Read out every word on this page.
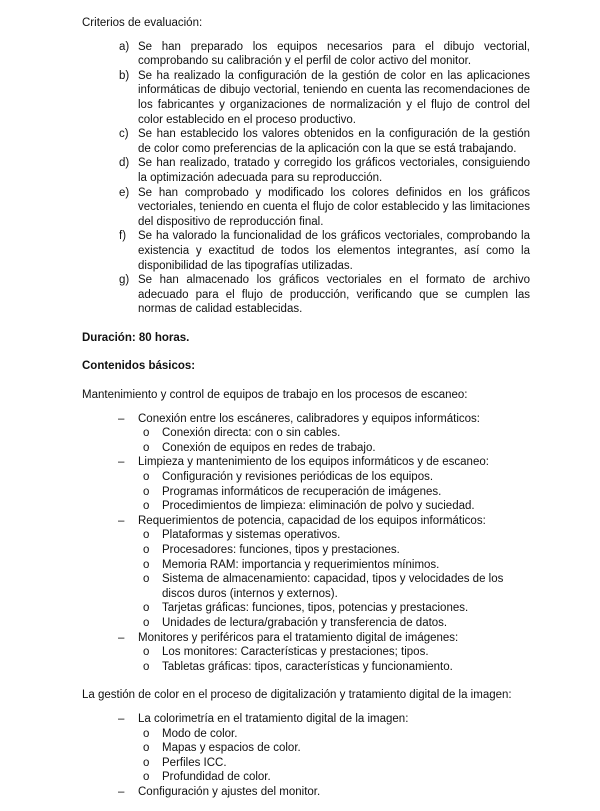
Criterios de evaluación:

a) Se han preparado los equipos necesarios para el dibujo vectorial, comprobando su calibración y el perfil de color activo del monitor.
b) Se ha realizado la configuración de la gestión de color en las aplicaciones informáticas de dibujo vectorial, teniendo en cuenta las recomendaciones de los fabricantes y organizaciones de normalización y el flujo de control del color establecido en el proceso productivo.
c) Se han establecido los valores obtenidos en la configuración de la gestión de color como preferencias de la aplicación con la que se está trabajando.
d) Se han realizado, tratado y corregido los gráficos vectoriales, consiguiendo la optimización adecuada para su reproducción.
e) Se han comprobado y modificado los colores definidos en los gráficos vectoriales, teniendo en cuenta el flujo de color establecido y las limitaciones del dispositivo de reproducción final.
f) Se ha valorado la funcionalidad de los gráficos vectoriales, comprobando la existencia y exactitud de todos los elementos integrantes, así como la disponibilidad de las tipografías utilizadas.
g) Se han almacenado los gráficos vectoriales en el formato de archivo adecuado para el flujo de producción, verificando que se cumplen las normas de calidad establecidas.

Duración: 80 horas.

Contenidos básicos:

Mantenimiento y control de equipos de trabajo en los procesos de escaneo:

– Conexión entre los escáneres, calibradores y equipos informáticos:
o Conexión directa: con o sin cables.
o Conexión de equipos en redes de trabajo.
– Limpieza y mantenimiento de los equipos informáticos y de escaneo:
o Configuración y revisiones periódicas de los equipos.
o Programas informáticos de recuperación de imágenes.
o Procedimientos de limpieza: eliminación de polvo y suciedad.
– Requerimientos de potencia, capacidad de los equipos informáticos:
o Plataformas y sistemas operativos.
o Procesadores: funciones, tipos y prestaciones.
o Memoria RAM: importancia y requerimientos mínimos.
o Sistema de almacenamiento: capacidad, tipos y velocidades de los discos duros (internos y externos).
o Tarjetas gráficas: funciones, tipos, potencias y prestaciones.
o Unidades de lectura/grabación y transferencia de datos.
– Monitores y periféricos para el tratamiento digital de imágenes:
o Los monitores: Características y prestaciones; tipos.
o Tabletas gráficas: tipos, características y funcionamiento.

La gestión de color en el proceso de digitalización y tratamiento digital de la imagen:

– La colorimetría en el tratamiento digital de la imagen:
o Modo de color.
o Mapas y espacios de color.
o Perfiles ICC.
o Profundidad de color.
– Configuración y ajustes del monitor.
